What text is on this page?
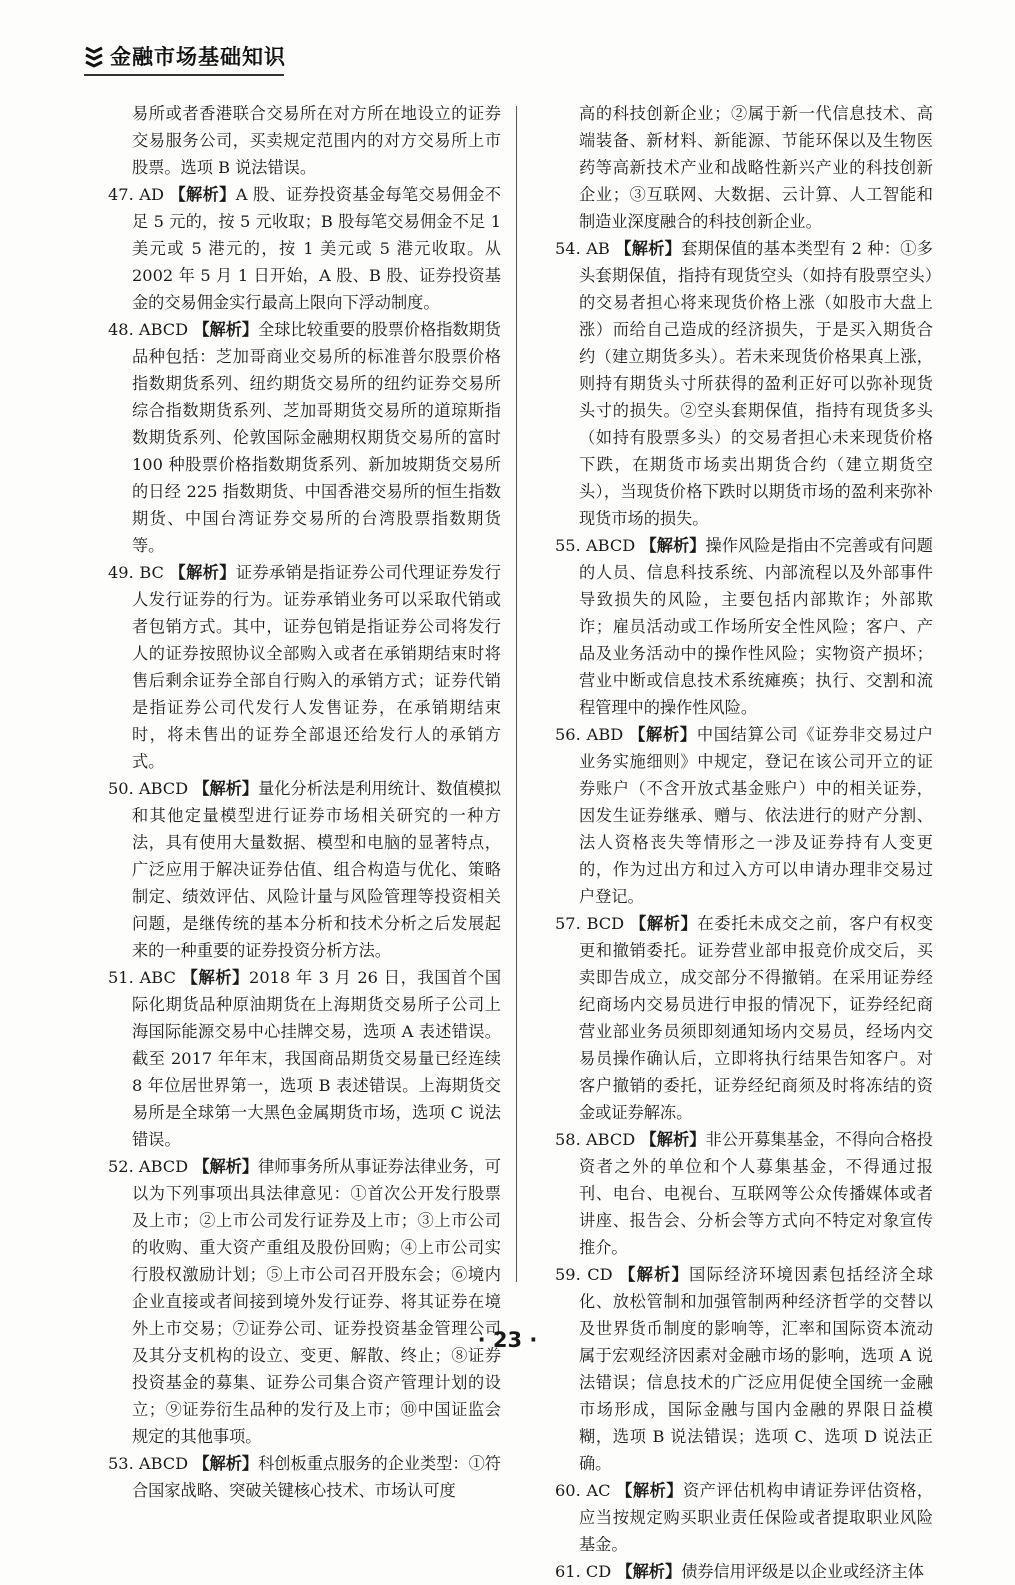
金融市场基础知识

易所或者香港联合交易所在对方所在地设立的证券交易服务公司，买卖规定范围内的对方交易所上市股票。选项 B 说法错误。

47. AD 【解析】A 股、证券投资基金每笔交易佣金不足 5 元的，按 5 元收取；B 股每笔交易佣金不足 1 美元或 5 港元的，按 1 美元或 5 港元收取。从 2002 年 5 月 1 日开始，A 股、B 股、证券投资基金的交易佣金实行最高上限向下浮动制度。

48. ABCD 【解析】全球比较重要的股票价格指数期货品种包括：芝加哥商业交易所的标准普尔股票价格指数期货系列、纽约期货交易所的纽约证券交易所综合指数期货系列、芝加哥期货交易所的道琼斯指数期货系列、伦敦国际金融期权期货交易所的富时 100 种股票价格指数期货系列、新加坡期货交易所的日经 225 指数期货、中国香港交易所的恒生指数期货、中国台湾证券交易所的台湾股票指数期货等。

49. BC 【解析】证券承销是指证券公司代理证券发行人发行证券的行为。证券承销业务可以采取代销或者包销方式。其中，证券包销是指证券公司将发行人的证券按照协议全部购入或者在承销期结束时将售后剩余证券全部自行购入的承销方式；证券代销是指证券公司代发行人发售证券，在承销期结束时，将未售出的证券全部退还给发行人的承销方式。

50. ABCD 【解析】量化分析法是利用统计、数值模拟和其他定量模型进行证券市场相关研究的一种方法，具有使用大量数据、模型和电脑的显著特点，广泛应用于解决证券估值、组合构造与优化、策略制定、绩效评估、风险计量与风险管理等投资相关问题，是继传统的基本分析和技术分析之后发展起来的一种重要的证券投资分析方法。

51. ABC 【解析】2018 年 3 月 26 日，我国首个国际化期货品种原油期货在上海期货交易所子公司上海国际能源交易中心挂牌交易，选项 A 表述错误。截至 2017 年年末，我国商品期货交易量已经连续 8 年位居世界第一，选项 B 表述错误。上海期货交易所是全球第一大黑色金属期货市场，选项 C 说法错误。

52. ABCD 【解析】律师事务所从事证券法律业务，可以为下列事项出具法律意见：①首次公开发行股票及上市；②上市公司发行证券及上市；③上市公司的收购、重大资产重组及股份回购；④上市公司实行股权激励计划；⑤上市公司召开股东会；⑥境内企业直接或者间接到境外发行证券、将其证券在境外上市交易；⑦证券公司、证券投资基金管理公司及其分支机构的设立、变更、解散、终止；⑧证券投资基金的募集、证券公司集合资产管理计划的设立；⑨证券衍生品种的发行及上市；⑩中国证监会规定的其他事项。

53. ABCD 【解析】科创板重点服务的企业类型：①符合国家战略、突破关键核心技术、市场认可度

高的科技创新企业；②属于新一代信息技术、高端装备、新材料、新能源、节能环保以及生物医药等高新技术产业和战略性新兴产业的科技创新企业；③互联网、大数据、云计算、人工智能和制造业深度融合的科技创新企业。

54. AB 【解析】套期保值的基本类型有 2 种：①多头套期保值，指持有现货空头（如持有股票空头）的交易者担心将来现货价格上涨（如股市大盘上涨）而给自己造成的经济损失，于是买入期货合约（建立期货多头）。若未来现货价格果真上涨，则持有期货头寸所获得的盈利正好可以弥补现货头寸的损失。②空头套期保值，指持有现货多头（如持有股票多头）的交易者担心未来现货价格下跌，在期货市场卖出期货合约（建立期货空头），当现货价格下跌时以期货市场的盈利来弥补现货市场的损失。

55. ABCD 【解析】操作风险是指由不完善或有问题的人员、信息科技系统、内部流程以及外部事件导致损失的风险，主要包括内部欺诈；外部欺诈；雇员活动或工作场所安全性风险；客户、产品及业务活动中的操作性风险；实物资产损坏；营业中断或信息技术系统瘫痪；执行、交割和流程管理中的操作性风险。

56. ABD 【解析】中国结算公司《证券非交易过户业务实施细则》中规定，登记在该公司开立的证券账户（不含开放式基金账户）中的相关证券，因发生证券继承、赠与、依法进行的财产分割、法人资格丧失等情形之一涉及证券持有人变更的，作为过出方和过入方可以申请办理非交易过户登记。

57. BCD 【解析】在委托未成交之前，客户有权变更和撤销委托。证券营业部申报竞价成交后，买卖即告成立，成交部分不得撤销。在采用证券经纪商场内交易员进行申报的情况下，证券经纪商营业部业务员须即刻通知场内交易员，经场内交易员操作确认后，立即将执行结果告知客户。对客户撤销的委托，证券经纪商须及时将冻结的资金或证券解冻。

58. ABCD 【解析】非公开募集基金，不得向合格投资者之外的单位和个人募集基金，不得通过报刊、电台、电视台、互联网等公众传播媒体或者讲座、报告会、分析会等方式向不特定对象宣传推介。

59. CD 【解析】国际经济环境因素包括经济全球化、放松管制和加强管制两种经济哲学的交替以及世界货币制度的影响等，汇率和国际资本流动属于宏观经济因素对金融市场的影响，选项 A 说法错误；信息技术的广泛应用促使全国统一金融市场形成，国际金融与国内金融的界限日益模糊，选项 B 说法错误；选项 C、选项 D 说法正确。

60. AC 【解析】资产评估机构申请证券评估资格，应当按规定购买职业责任保险或者提取职业风险基金。

61. CD 【解析】债券信用评级是以企业或经济主体

· 23 ·
